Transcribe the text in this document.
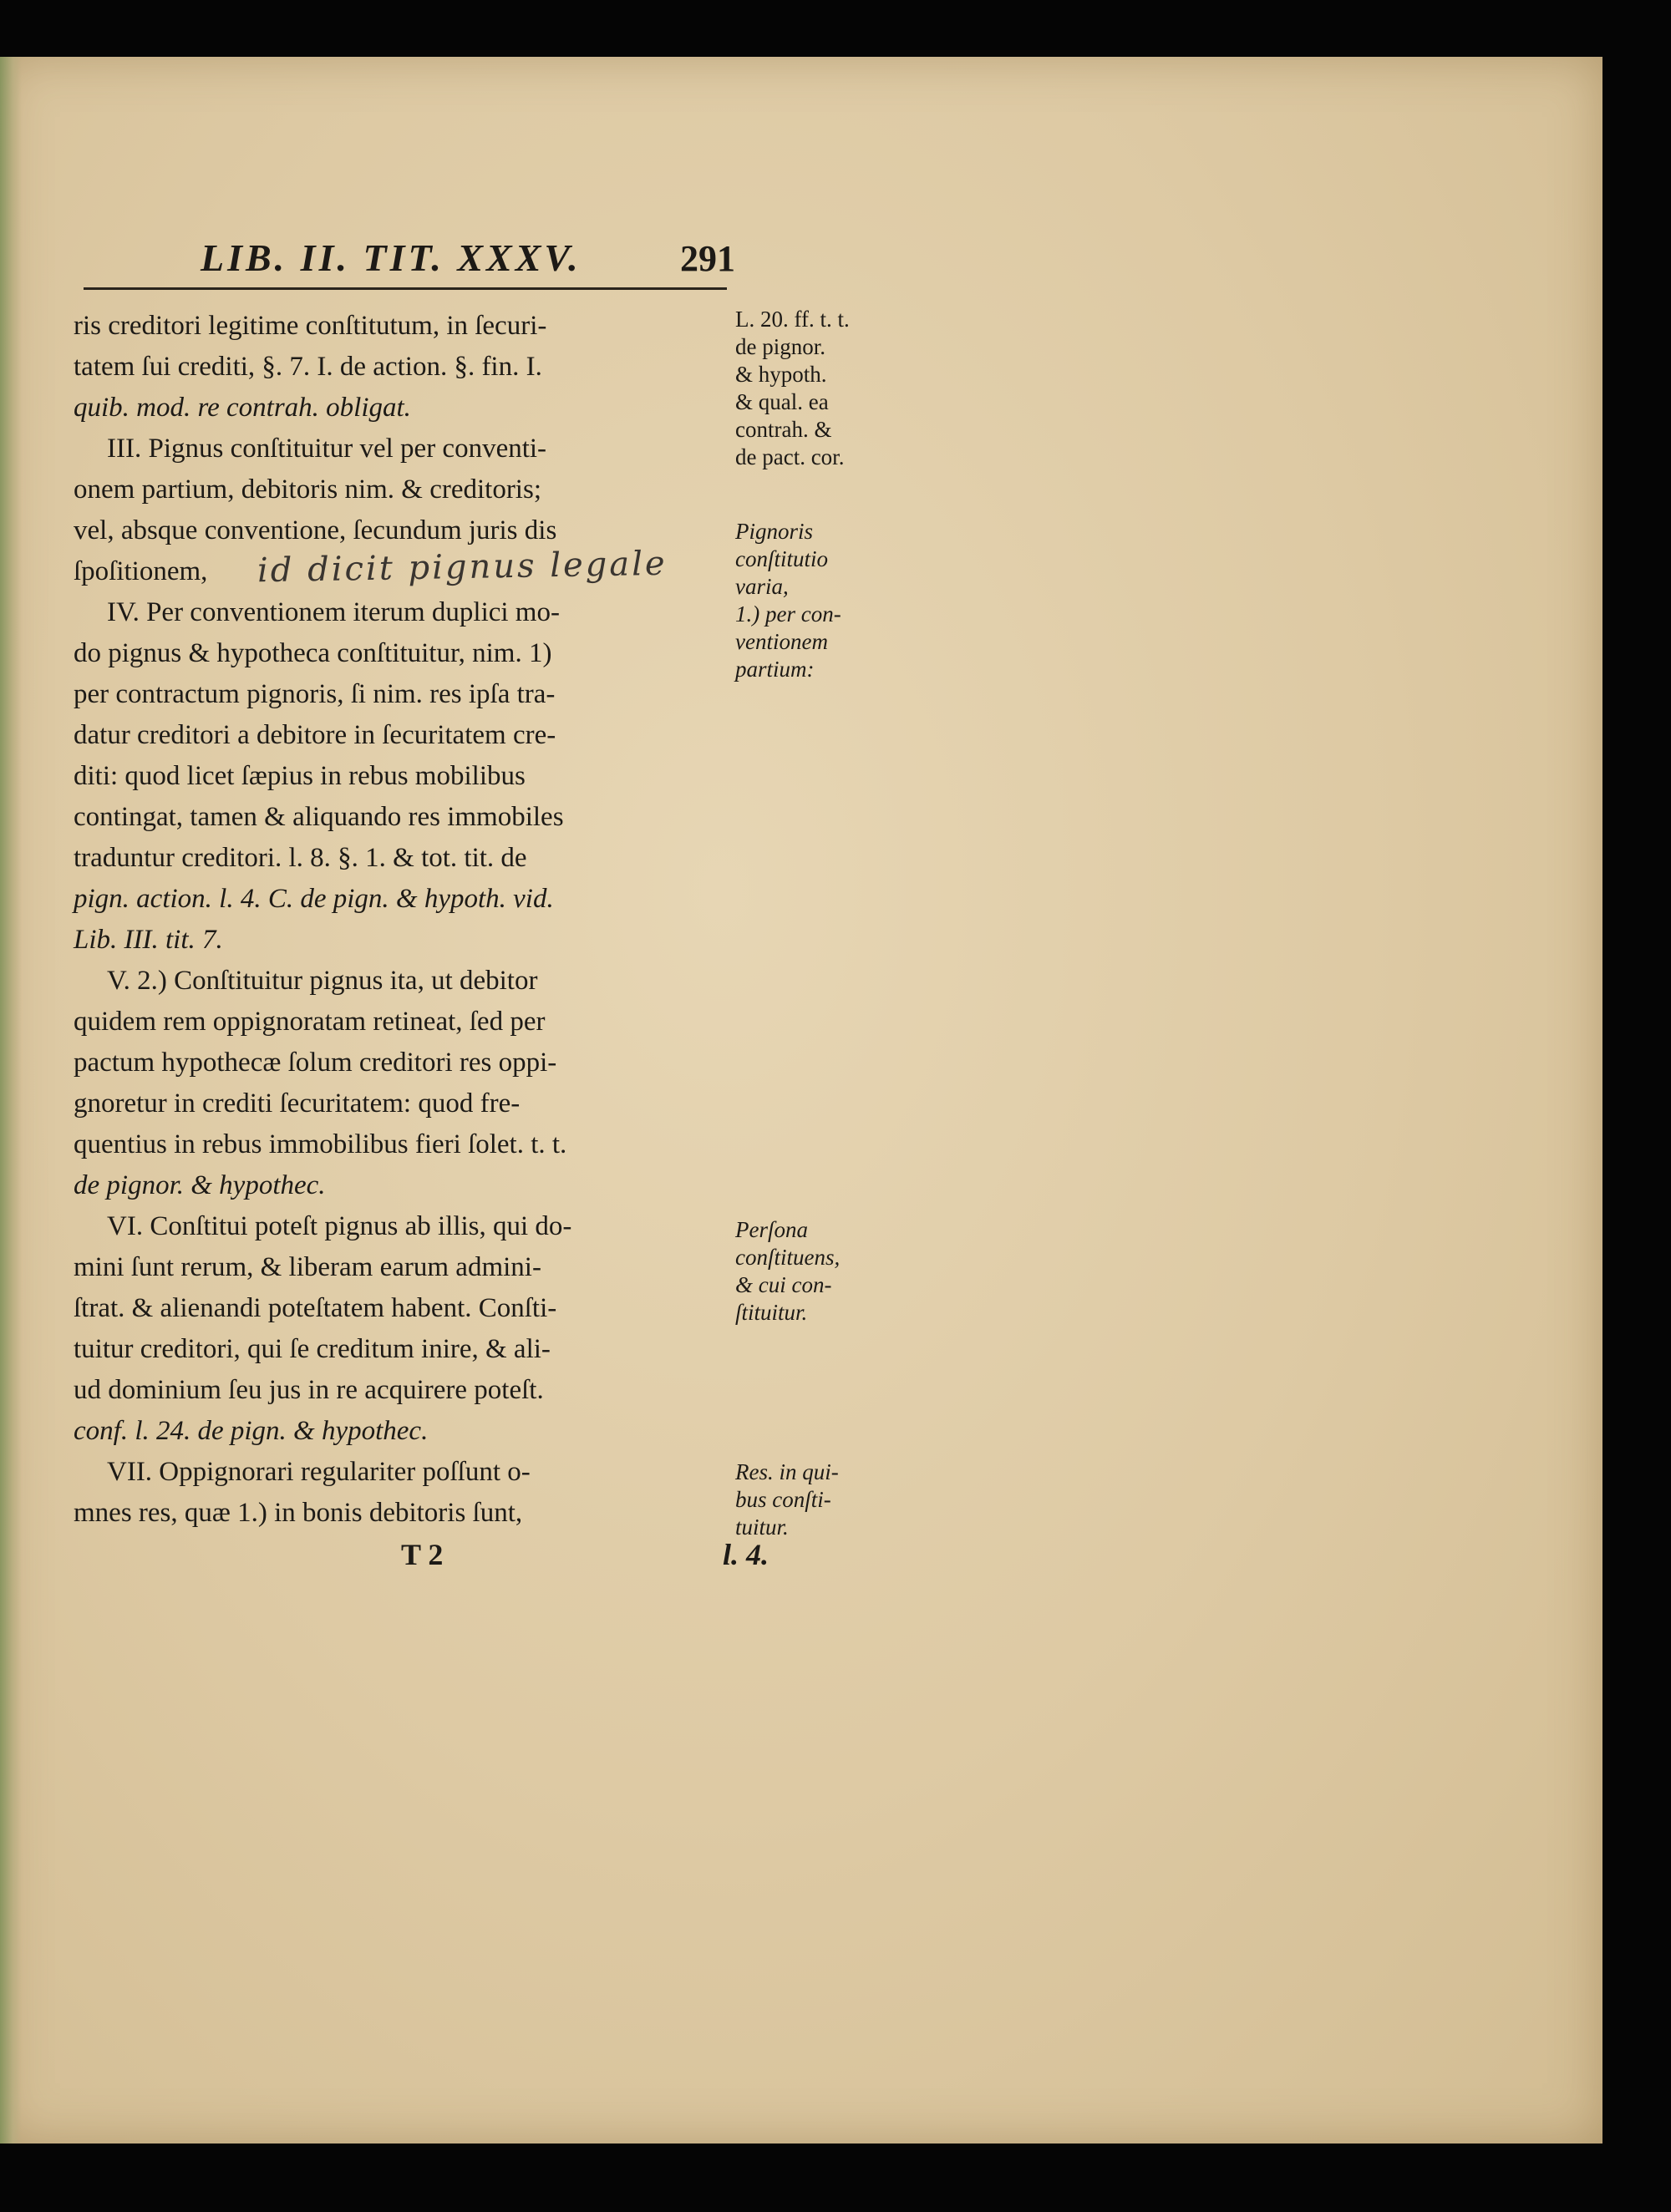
LIB. II. TIT. XXXV.	291
ris creditori legitime conſtitutum, in ſecuri-
tatem ſui crediti, §. 7. I. de action. §. fin. I.
quib. mod. re contrah. obligat.
III. Pignus conſtituitur vel per conventi-
onem partium, debitoris nim. & creditoris;
vel, absque conventione, ſecundum juris dis
ſpoſitionem,
IV. Per conventionem iterum duplici mo-
do pignus & hypotheca conſtituitur, nim. 1)
per contractum pignoris, ſi nim. res ipſa tra-
datur creditori a debitore in ſecuritatem cre-
diti: quod licet ſæpius in rebus mobilibus
contingat, tamen & aliquando res immobiles
traduntur creditori. l. 8. §. 1. & tot. tit. de
pign. action. l. 4. C. de pign. & hypoth. vid.
Lib. III. tit. 7.
V. 2.) Conſtituitur pignus ita, ut debitor
quidem rem oppignoratam retineat, ſed per
pactum hypothecæ ſolum creditori res oppi-
gnoretur in crediti ſecuritatem: quod fre-
quentius in rebus immobilibus fieri ſolet. t. t.
de pignor. & hypothec.
VI. Conſtitui poteſt pignus ab illis, qui do-
mini ſunt rerum, & liberam earum admini-
ſtrat. & alienandi poteſtatem habent. Conſti-
tuitur creditori, qui ſe creditum inire, & ali-
ud dominium ſeu jus in re acquirere poteſt.
conf. l. 24. de pign. & hypothec.
VII. Oppignorari regulariter poſſunt o-
mnes res, quæ 1.) in bonis debitoris ſunt,
id dicit pignus legale
L. 20. ff. t. t.
de pignor.
& hypoth.
& qual. ea
contrah. &
de pact. cor.
Pignoris
conſtitutio
varia,
1.) per con-
ventionem
partium:
Perſona
conſtituens,
& cui con-
ſtituitur.
Res. in qui-
bus conſti-
tuitur.
T 2	l. 4.
